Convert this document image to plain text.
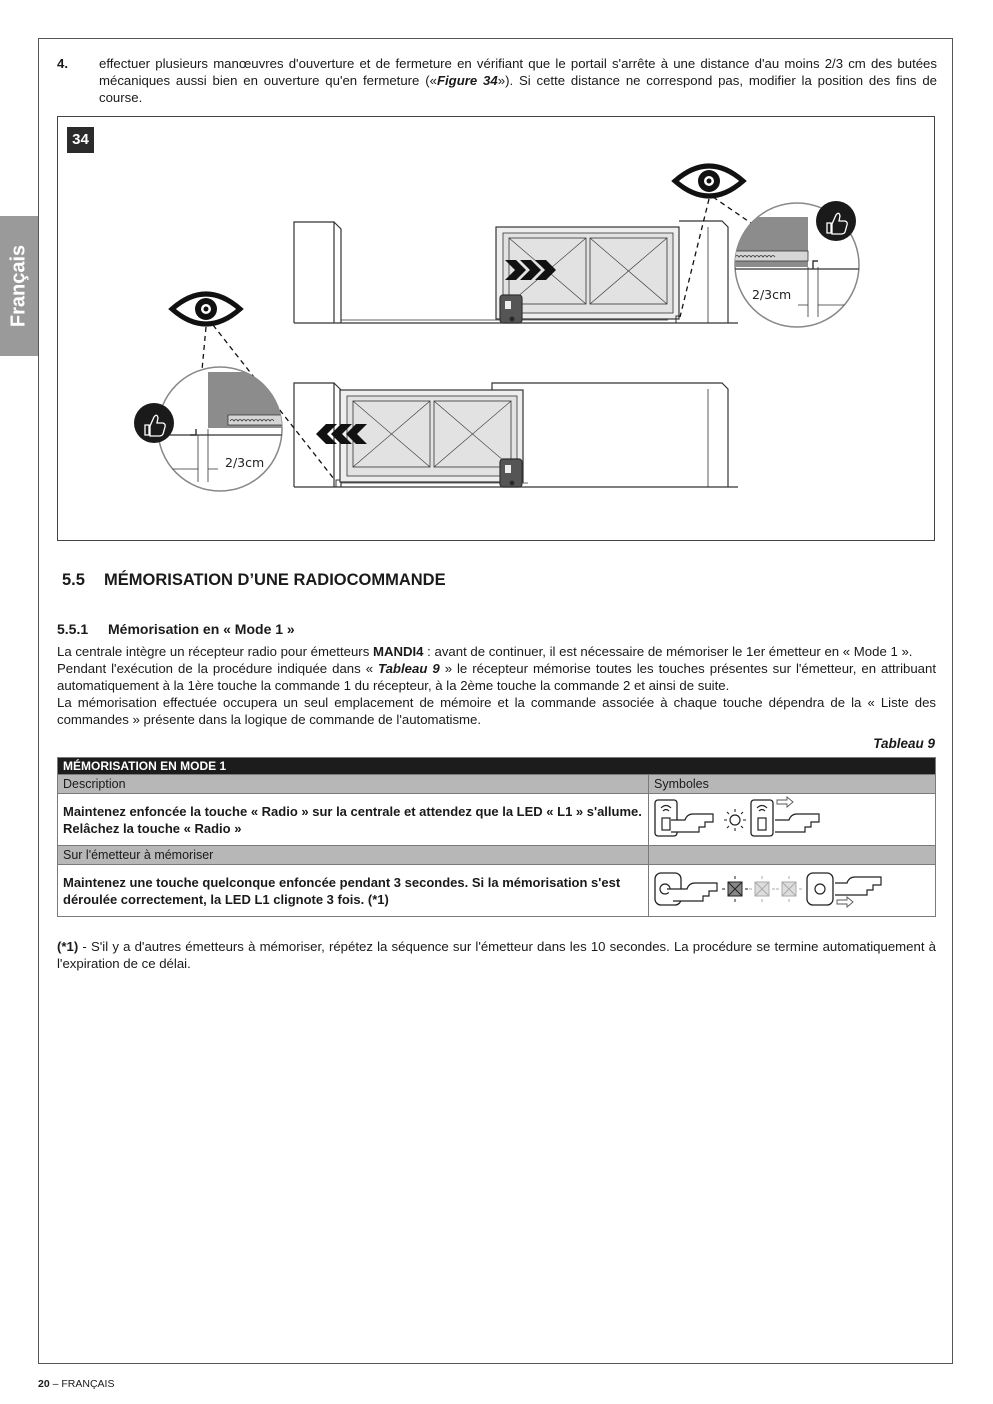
Français
4. effectuer plusieurs manœuvres d'ouverture et de fermeture en vérifiant que le portail s'arrête à une distance d'au moins 2/3 cm des butées mécaniques aussi bien en ouverture qu'en fermeture («Figure 34»). Si cette distance ne correspond pas, modifier la position des fins de course.
34
2/3cm
2/3cm
5.5 MÉMORISATION D’UNE RADIOCOMMANDE
5.5.1 Mémorisation en « Mode 1 »

La centrale intègre un récepteur radio pour émetteurs MANDI4 : avant de continuer, il est nécessaire de mémoriser le 1er émetteur en « Mode 1 ».

Pendant l'exécution de la procédure indiquée dans « Tableau 9 » le récepteur mémorise toutes les touches présentes sur l'émetteur, en attribuant automatiquement à la 1ère touche la commande 1 du récepteur, à la 2ème touche la commande 2 et ainsi de suite.

La mémorisation effectuée occupera un seul emplacement de mémoire et la commande associée à chaque touche dépendra de la « Liste des commandes » présente dans la logique de commande de l'automatisme.

Tableau 9
MÉMORISATION EN MODE 1	
Description	Symboles
Maintenez enfoncée la touche « Radio » sur la centrale et attendez que la LED « L1 » s'allume. Relâchez la touche « Radio »	
Sur l'émetteur à mémoriser	
Maintenez une touche quelconque enfoncée pendant 3 secondes. Si la mémorisation s'est déroulée correctement, la LED L1 clignote 3 fois. (*1)	
(*1) - S'il y a d'autres émetteurs à mémoriser, répétez la séquence sur l'émetteur dans les 10 secondes. La procédure se termine automatiquement à l'expiration de ce délai.
20 – FRANÇAIS
